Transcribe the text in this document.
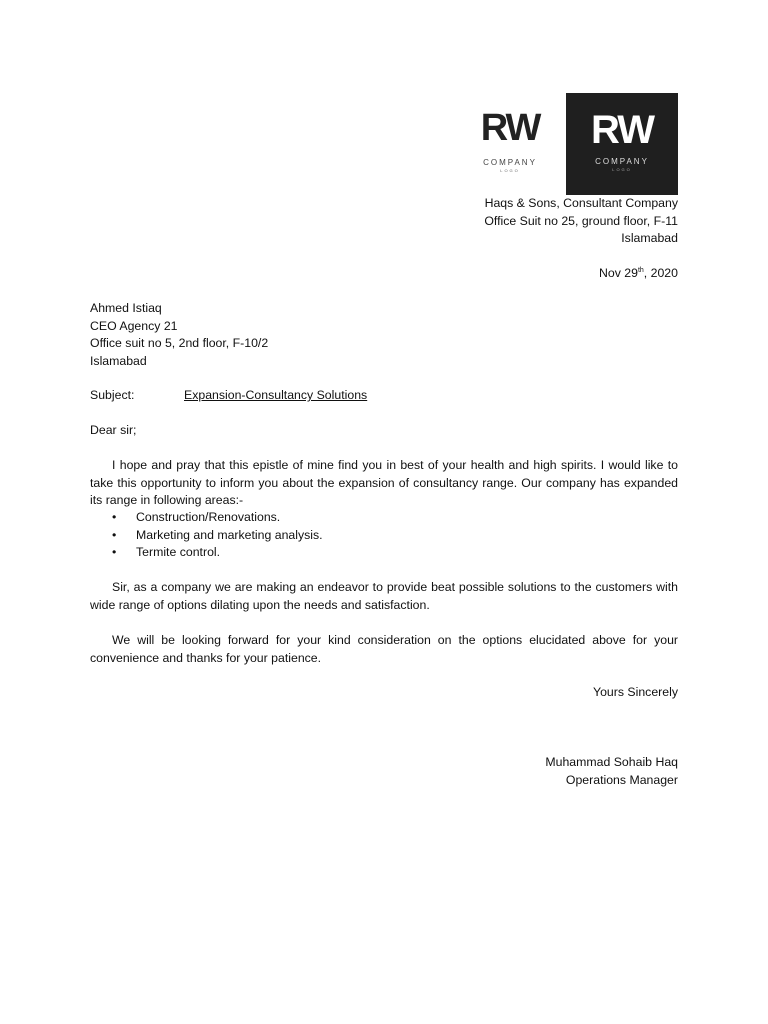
RW
COMPANY
LOGO
RW
COMPANY
LOGO
Haqs & Sons, Consultant Company
Office Suit no 25, ground floor, F-11
Islamabad
Nov 29th, 2020
Ahmed Istiaq
CEO Agency 21
Office suit no 5, 2nd floor, F-10/2
Islamabad
Subject:	Expansion-Consultancy Solutions
Dear sir;

I hope and pray that this epistle of mine find you in best of your health and high spirits. I would like to take this opportunity to inform you about the expansion of consultancy range. Our company has expanded its range in following areas:-

• Construction/Renovations.
• Marketing and marketing analysis.
• Termite control.

Sir, as a company we are making an endeavor to provide beat possible solutions to the customers with wide range of options dilating upon the needs and satisfaction.

We will be looking forward for your kind consideration on the options elucidated above for your convenience and thanks for your patience.

Yours Sincerely
Muhammad Sohaib Haq
Operations Manager
